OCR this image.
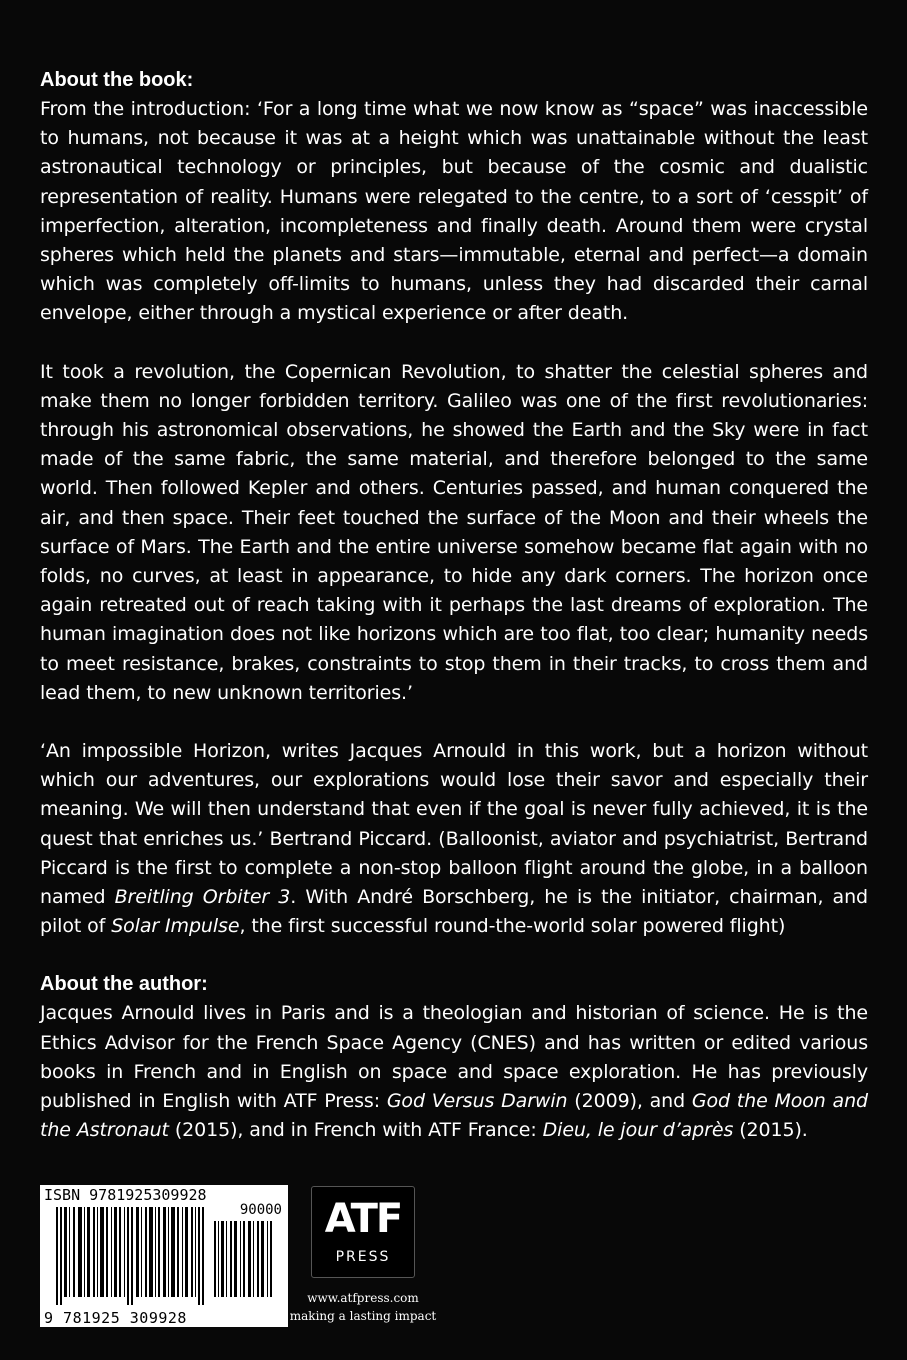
About the book:

From the introduction: ‘For a long time what we now know as “space” was inaccessible to humans, not because it was at a height which was unattainable without the least astronautical technology or principles, but because of the cosmic and dualistic representation of reality. Humans were relegated to the centre, to a sort of ‘cesspit’ of imperfection, alteration, incompleteness and finally death. Around them were crystal spheres which held the planets and stars—immutable, eternal and perfect—a domain which was completely off-limits to humans, unless they had discarded their carnal envelope, either through a mystical experience or after death.

It took a revolution, the Copernican Revolution, to shatter the celestial spheres and make them no longer forbidden territory. Galileo was one of the first revolutionaries: through his astronomical observations, he showed the Earth and the Sky were in fact made of the same fabric, the same material, and therefore belonged to the same world. Then followed Kepler and others. Centuries passed, and human conquered the air, and then space. Their feet touched the surface of the Moon and their wheels the surface of Mars. The Earth and the entire universe somehow became flat again with no folds, no curves, at least in appearance, to hide any dark corners. The horizon once again retreated out of reach taking with it perhaps the last dreams of exploration. The human imagination does not like horizons which are too flat, too clear; humanity needs to meet resistance, brakes, constraints to stop them in their tracks, to cross them and lead them, to new unknown territories.’

‘An impossible Horizon, writes Jacques Arnould in this work, but a horizon without which our adventures, our explorations would lose their savor and especially their meaning. We will then understand that even if the goal is never fully achieved, it is the quest that enriches us.’ Bertrand Piccard. (Balloonist, aviator and psychiatrist, Bertrand Piccard is the first to complete a non-stop balloon flight around the globe, in a balloon named Breitling Orbiter 3. With André Borschberg, he is the initiator, chairman, and pilot of Solar Impulse, the first successful round-the-world solar powered flight)

About the author:

Jacques Arnould lives in Paris and is a theologian and historian of science. He is the Ethics Advisor for the French Space Agency (CNES) and has written or edited various books in French and in English on space and space exploration. He has previously published in English with ATF Press: God Versus Darwin (2009), and God the Moon and the Astronaut (2015), and in French with ATF France: Dieu, le jour d’après (2015).

ISBN 9781925309928
90000
9 781925 309928
ATF
PRESS
www.atfpress.com
making a lasting impact
